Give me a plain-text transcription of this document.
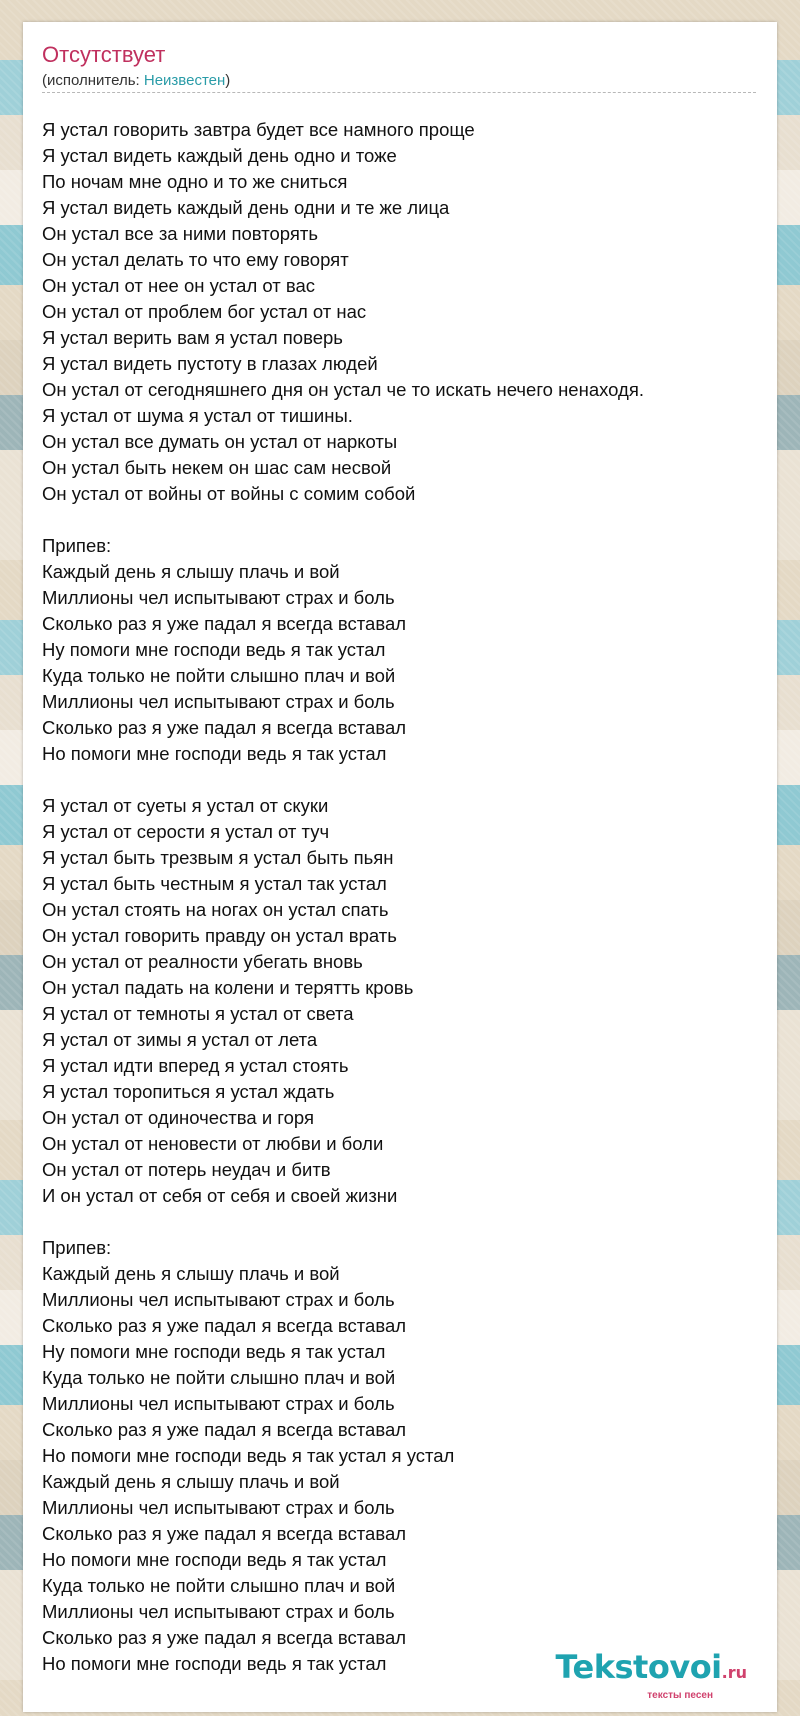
Отсутствует
(исполнитель: Неизвестен)
Я устал говорить завтра будет все намного проще
Я устал видеть каждый день одно и тоже
По ночам мне одно и то же сниться
Я устал видеть каждый день одни и те же лица
Он устал все за ними повторять
Он устал делать то что ему говорят
Он устал от нее он устал от вас
Он устал от проблем бог устал от нас
Я устал верить вам я устал поверь
Я устал видеть пустоту в глазах людей
Он устал от сегодняшнего дня он устал че то искать нечего ненаходя.
Я устал от шума я устал от тишины.
Он устал все думать он устал от наркоты
Он устал быть некем он шас сам несвой
Он устал от войны от войны с сомим собой
Припев:
Каждый день я слышу плачь и вой
Миллионы чел испытывают страх и боль
Сколько раз я уже падал я всегда вставал
Ну помоги мне господи ведь я так устал
Куда только не пойти слышно плач и вой
Миллионы чел испытывают страх и боль
Сколько раз я уже падал я всегда вставал
Но помоги мне господи ведь я так устал
Я устал от суеты я устал от скуки
Я устал от серости я устал от туч
Я устал быть трезвым я устал быть пьян
Я устал быть честным я устал так устал
Он устал стоять на ногах он устал спать
Он устал говорить правду он устал врать
Он устал от реалности убегать вновь
Он устал падать на колени и терятть кровь
Я устал от темноты я устал от света
Я устал от зимы я устал от лета
Я устал идти вперед я устал стоять
Я устал торопиться я устал ждать
Он устал от одиночества и горя
Он устал от неновести от любви и боли
Он устал от потерь неудач и битв
И он устал от себя от себя и своей жизни
Припев:
Каждый день я слышу плачь и вой
Миллионы чел испытывают страх и боль
Сколько раз я уже падал я всегда вставал
Ну помоги мне господи ведь я так устал
Куда только не пойти слышно плач и вой
Миллионы чел испытывают страх и боль
Сколько раз я уже падал я всегда вставал
Но помоги мне господи ведь я так устал я устал
Каждый день я слышу плачь и вой
Миллионы чел испытывают страх и боль
Сколько раз я уже падал я всегда вставал
Но помоги мне господи ведь я так устал
Куда только не пойти слышно плач и вой
Миллионы чел испытывают страх и боль
Сколько раз я уже падал я всегда вставал
Но помоги мне господи ведь я так устал	Tekstovoi.ru
тексты песен
